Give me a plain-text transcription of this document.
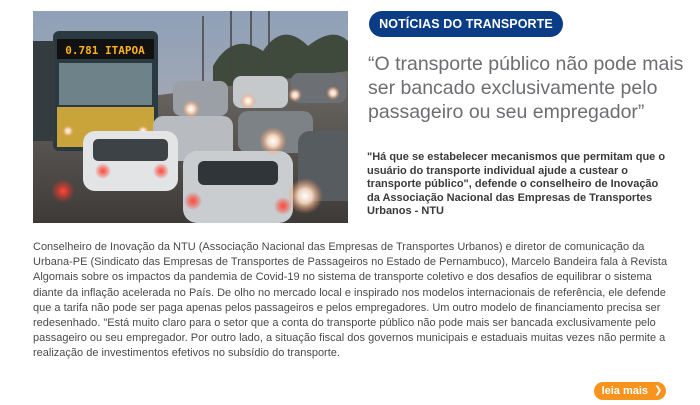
0.781 ITAPOA
NOTÍCIAS DO TRANSPORTE
“O transporte público não pode mais ser bancado exclusivamente pelo passageiro ou seu empregador”

"Há que se estabelecer mecanismos que permitam que o usuário do transporte individual ajude a custear o transporte público", defende o conselheiro de Inovação da Associação Nacional das Empresas de Transportes Urbanos - NTU

Conselheiro de Inovação da NTU (Associação Nacional das Empresas de Transportes Urbanos) e diretor de comunicação da Urbana-PE (Sindicato das Empresas de Transportes de Passageiros no Estado de Pernambuco), Marcelo Bandeira fala à Revista Algomais sobre os impactos da pandemia de Covid-19 no sistema de transporte coletivo e dos desafios de equilibrar o sistema diante da inflação acelerada no País. De olho no mercado local e inspirado nos modelos internacionais de referência, ele defende que a tarifa não pode ser paga apenas pelos passageiros e pelos empregadores. Um outro modelo de financiamento precisa ser redesenhado. "Está muito claro para o setor que a conta do transporte público não pode mais ser bancada exclusivamente pelo passageiro ou seu empregador. Por outro lado, a situação fiscal dos governos municipais e estaduais muitas vezes não permite a realização de investimentos efetivos no subsídio do transporte.

leia mais ❯
